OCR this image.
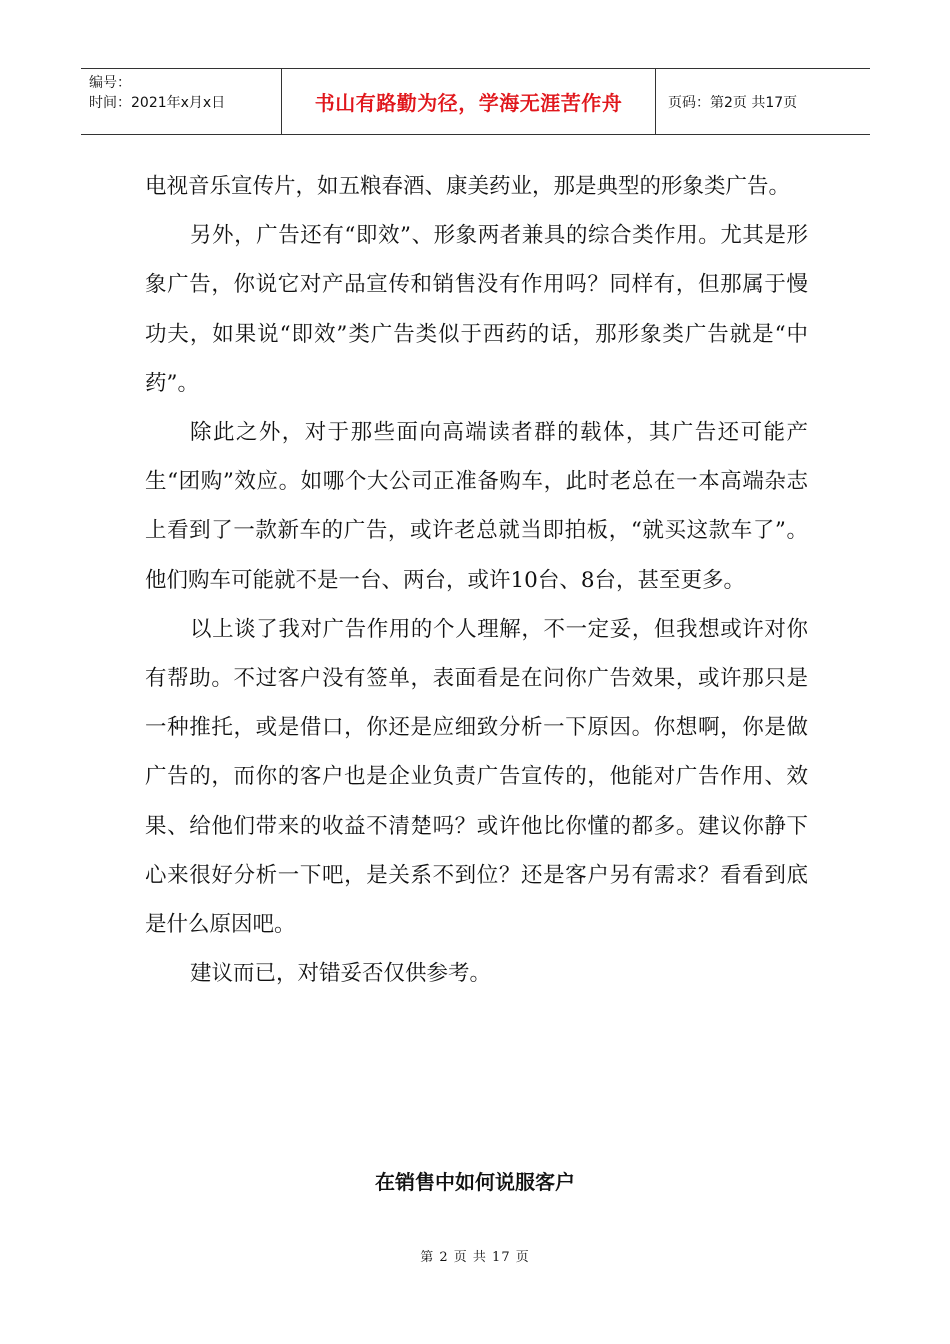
编号：
时间：2021年x月x日	书山有路勤为径，学海无涯苦作舟	页码：第2页 共17页

电视音乐宣传片，如五粮春酒、康美药业，那是典型的形象类广告。

另外，广告还有“即效”、形象两者兼具的综合类作用。尤其是形象广告，你说它对产品宣传和销售没有作用吗？同样有，但那属于慢功夫，如果说“即效”类广告类似于西药的话，那形象类广告就是“中药”。

除此之外，对于那些面向高端读者群的载体，其广告还可能产生“团购”效应。如哪个大公司正准备购车，此时老总在一本高端杂志上看到了一款新车的广告，或许老总就当即拍板，“就买这款车了”。他们购车可能就不是一台、两台，或许10台、8台，甚至更多。

以上谈了我对广告作用的个人理解，不一定妥，但我想或许对你有帮助。不过客户没有签单，表面看是在问你广告效果，或许那只是一种推托，或是借口，你还是应细致分析一下原因。你想啊，你是做广告的，而你的客户也是企业负责广告宣传的，他能对广告作用、效果、给他们带来的收益不清楚吗？或许他比你懂的都多。建议你静下心来很好分析一下吧，是关系不到位？还是客户另有需求？看看到底是什么原因吧。

建议而已，对错妥否仅供参考。

在销售中如何说服客户
第 2 页 共 17 页
